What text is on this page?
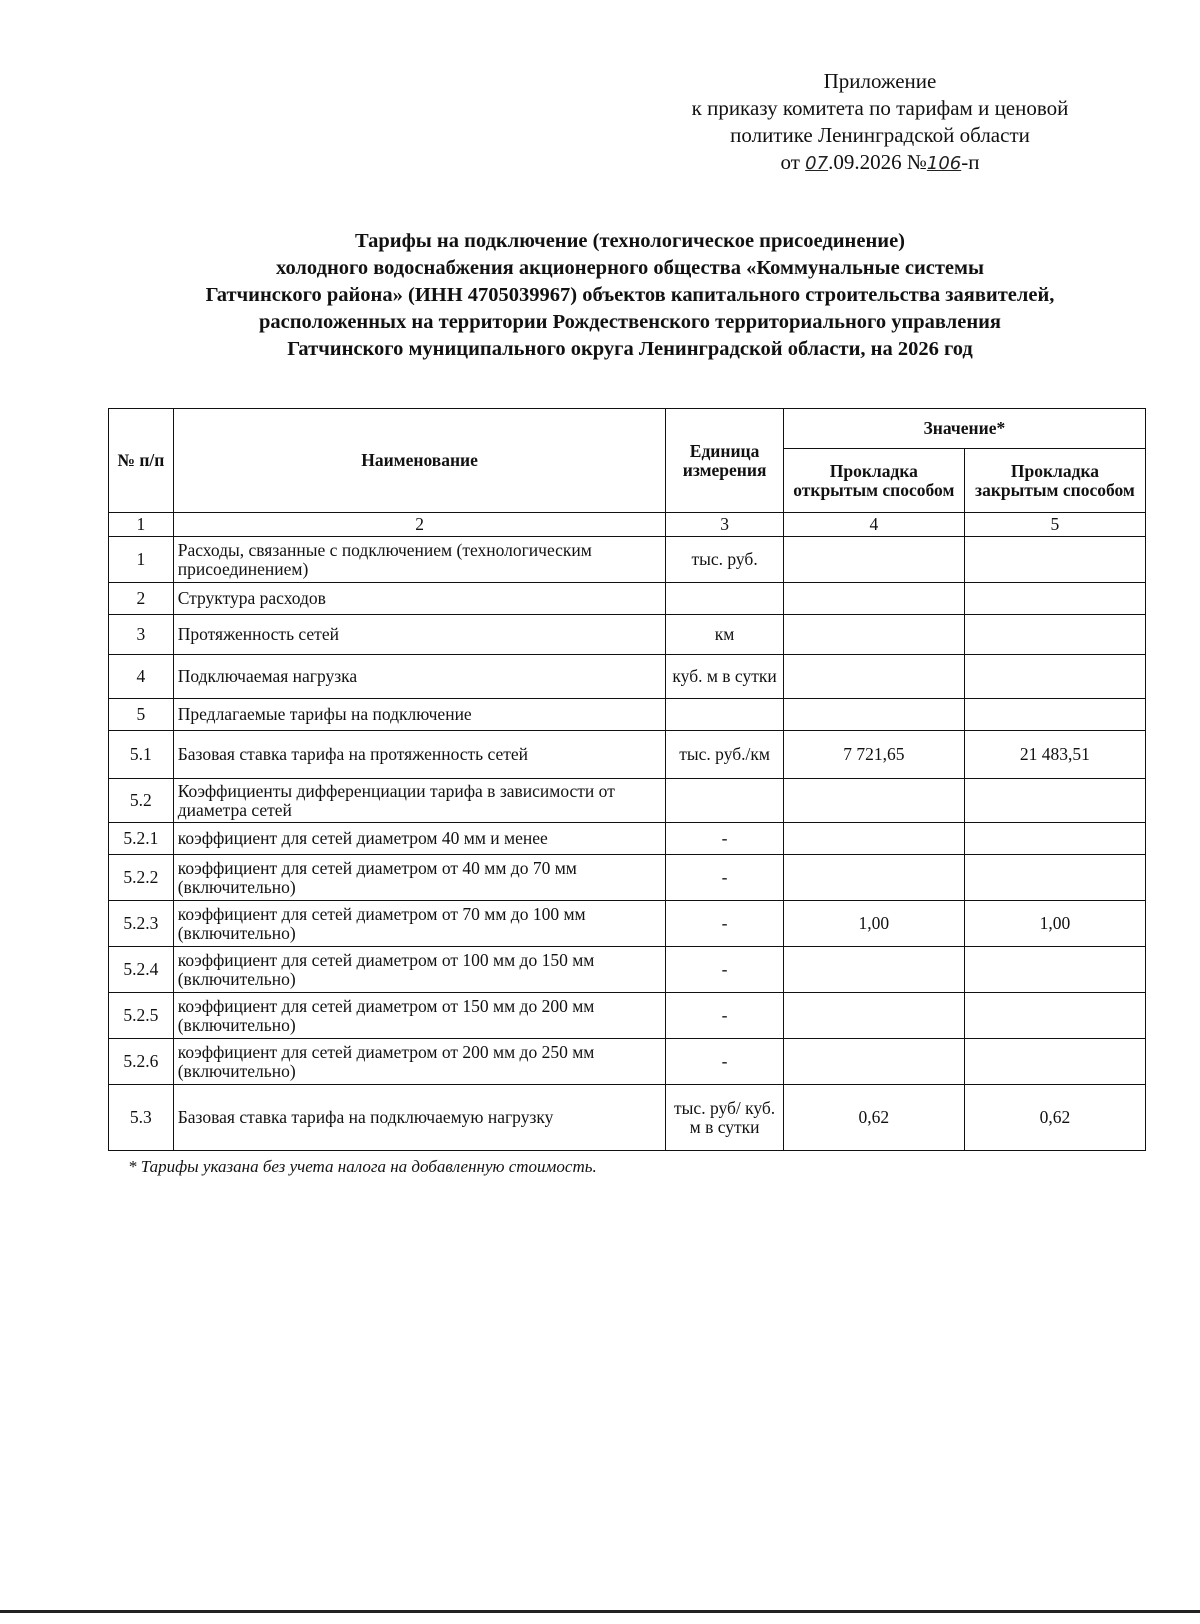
Приложение
к приказу комитета по тарифам и ценовой
политике Ленинградской области
от 07.09.2026 №106-п
Тарифы на подключение (технологическое присоединение)
холодного водоснабжения акционерного общества «Коммунальные системы
Гатчинского района» (ИНН 4705039967) объектов капитального строительства заявителей,
расположенных на территории Рождественского территориального управления
Гатчинского муниципального округа Ленинградской области, на 2026 год
№ п/п	Наименование	Единица измерения	Значение*	
			Прокладка открытым способом	Прокладка закрытым способом
1	2	3	4	5
1	Расходы, связанные с подключением (технологическим присоединением)	тыс. руб.		
2	Структура расходов			
3	Протяженность сетей	км		
4	Подключаемая нагрузка	куб. м в сутки		
5	Предлагаемые тарифы на подключение			
5.1	Базовая ставка тарифа на протяженность сетей	тыс. руб./км	7 721,65	21 483,51
5.2	Коэффициенты дифференциации тарифа в зависимости от диаметра сетей			
5.2.1	коэффициент для сетей диаметром 40 мм и менее	-		
5.2.2	коэффициент для сетей диаметром от 40 мм до 70 мм (включительно)	-		
5.2.3	коэффициент для сетей диаметром от 70 мм до 100 мм (включительно)	-	1,00	1,00
5.2.4	коэффициент для сетей диаметром от 100 мм до 150 мм (включительно)	-		
5.2.5	коэффициент для сетей диаметром от 150 мм до 200 мм (включительно)	-		
5.2.6	коэффициент для сетей диаметром от 200 мм до 250 мм (включительно)	-		
5.3	Базовая ставка тарифа на подключаемую нагрузку	тыс. руб/ куб. м в сутки	0,62	0,62
* Тарифы указана без учета налога на добавленную стоимость.
